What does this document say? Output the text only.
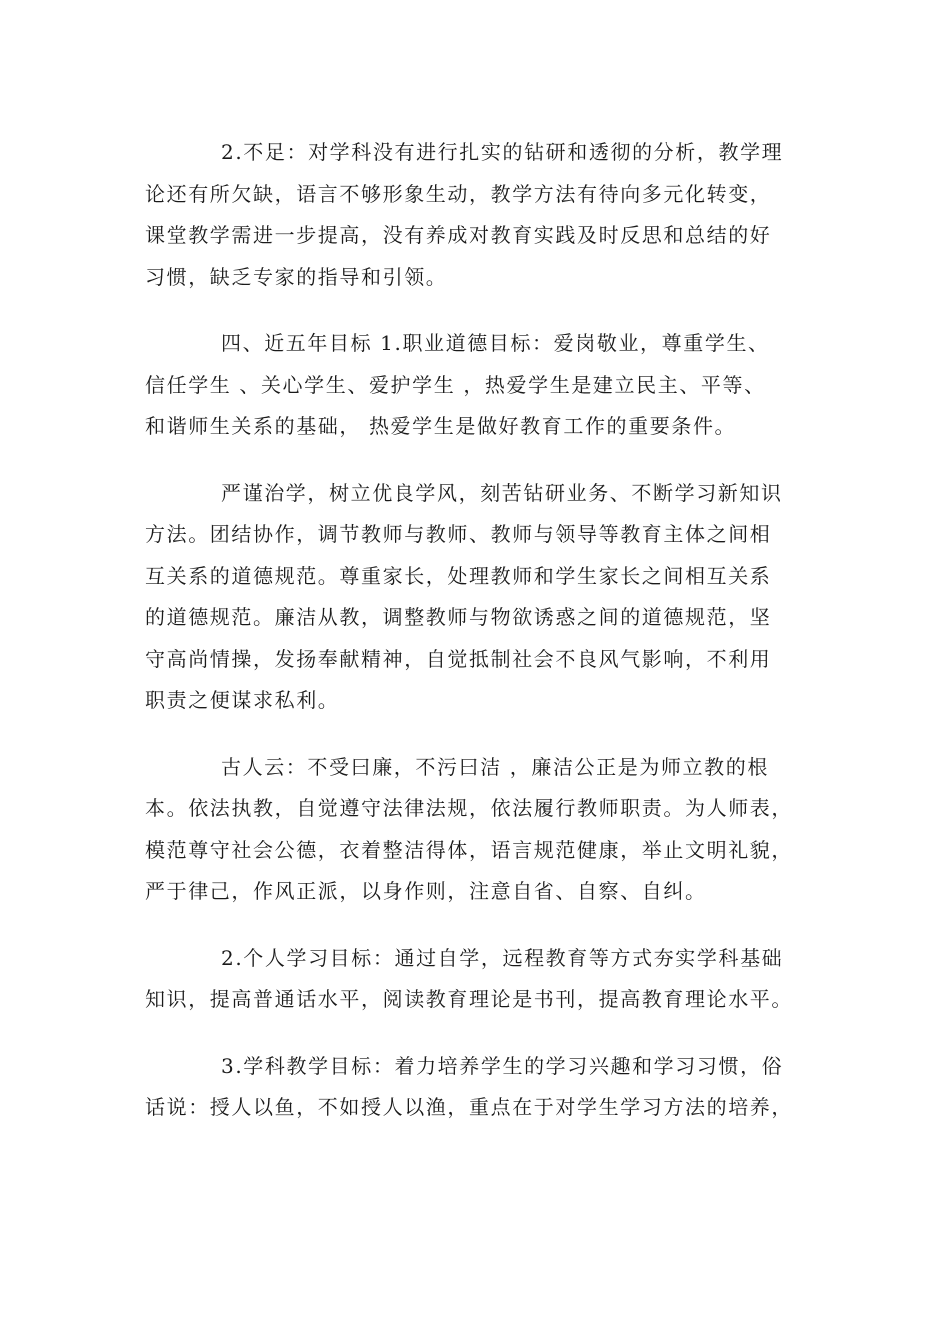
2.不足：对学科没有进行扎实的钻研和透彻的分析，教学理
论还有所欠缺，语言不够形象生动，教学方法有待向多元化转变，
课堂教学需进一步提高，没有养成对教育实践及时反思和总结的好
习惯，缺乏专家的指导和引领。
四、近五年目标 1.职业道德目标：爱岗敬业，尊重学生、
信任学生 、关心学生、爱护学生 ，热爱学生是建立民主、平等、
和谐师生关系的基础， 热爱学生是做好教育工作的重要条件。
严谨治学，树立优良学风，刻苦钻研业务、不断学习新知识
方法。团结协作，调节教师与教师、教师与领导等教育主体之间相
互关系的道德规范。尊重家长，处理教师和学生家长之间相互关系
的道德规范。廉洁从教，调整教师与物欲诱惑之间的道德规范，坚
守高尚情操，发扬奉献精神，自觉抵制社会不良风气影响，不利用
职责之便谋求私利。
古人云：不受曰廉，不污曰洁 ，廉洁公正是为师立教的根
本。依法执教，自觉遵守法律法规，依法履行教师职责。为人师表，
模范尊守社会公德，衣着整洁得体，语言规范健康，举止文明礼貌，
严于律己，作风正派，以身作则，注意自省、自察、自纠。
2.个人学习目标：通过自学，远程教育等方式夯实学科基础
知识，提高普通话水平，阅读教育理论是书刊，提高教育理论水平。
3.学科教学目标：着力培养学生的学习兴趣和学习习惯，俗
话说：授人以鱼，不如授人以渔，重点在于对学生学习方法的培养，
